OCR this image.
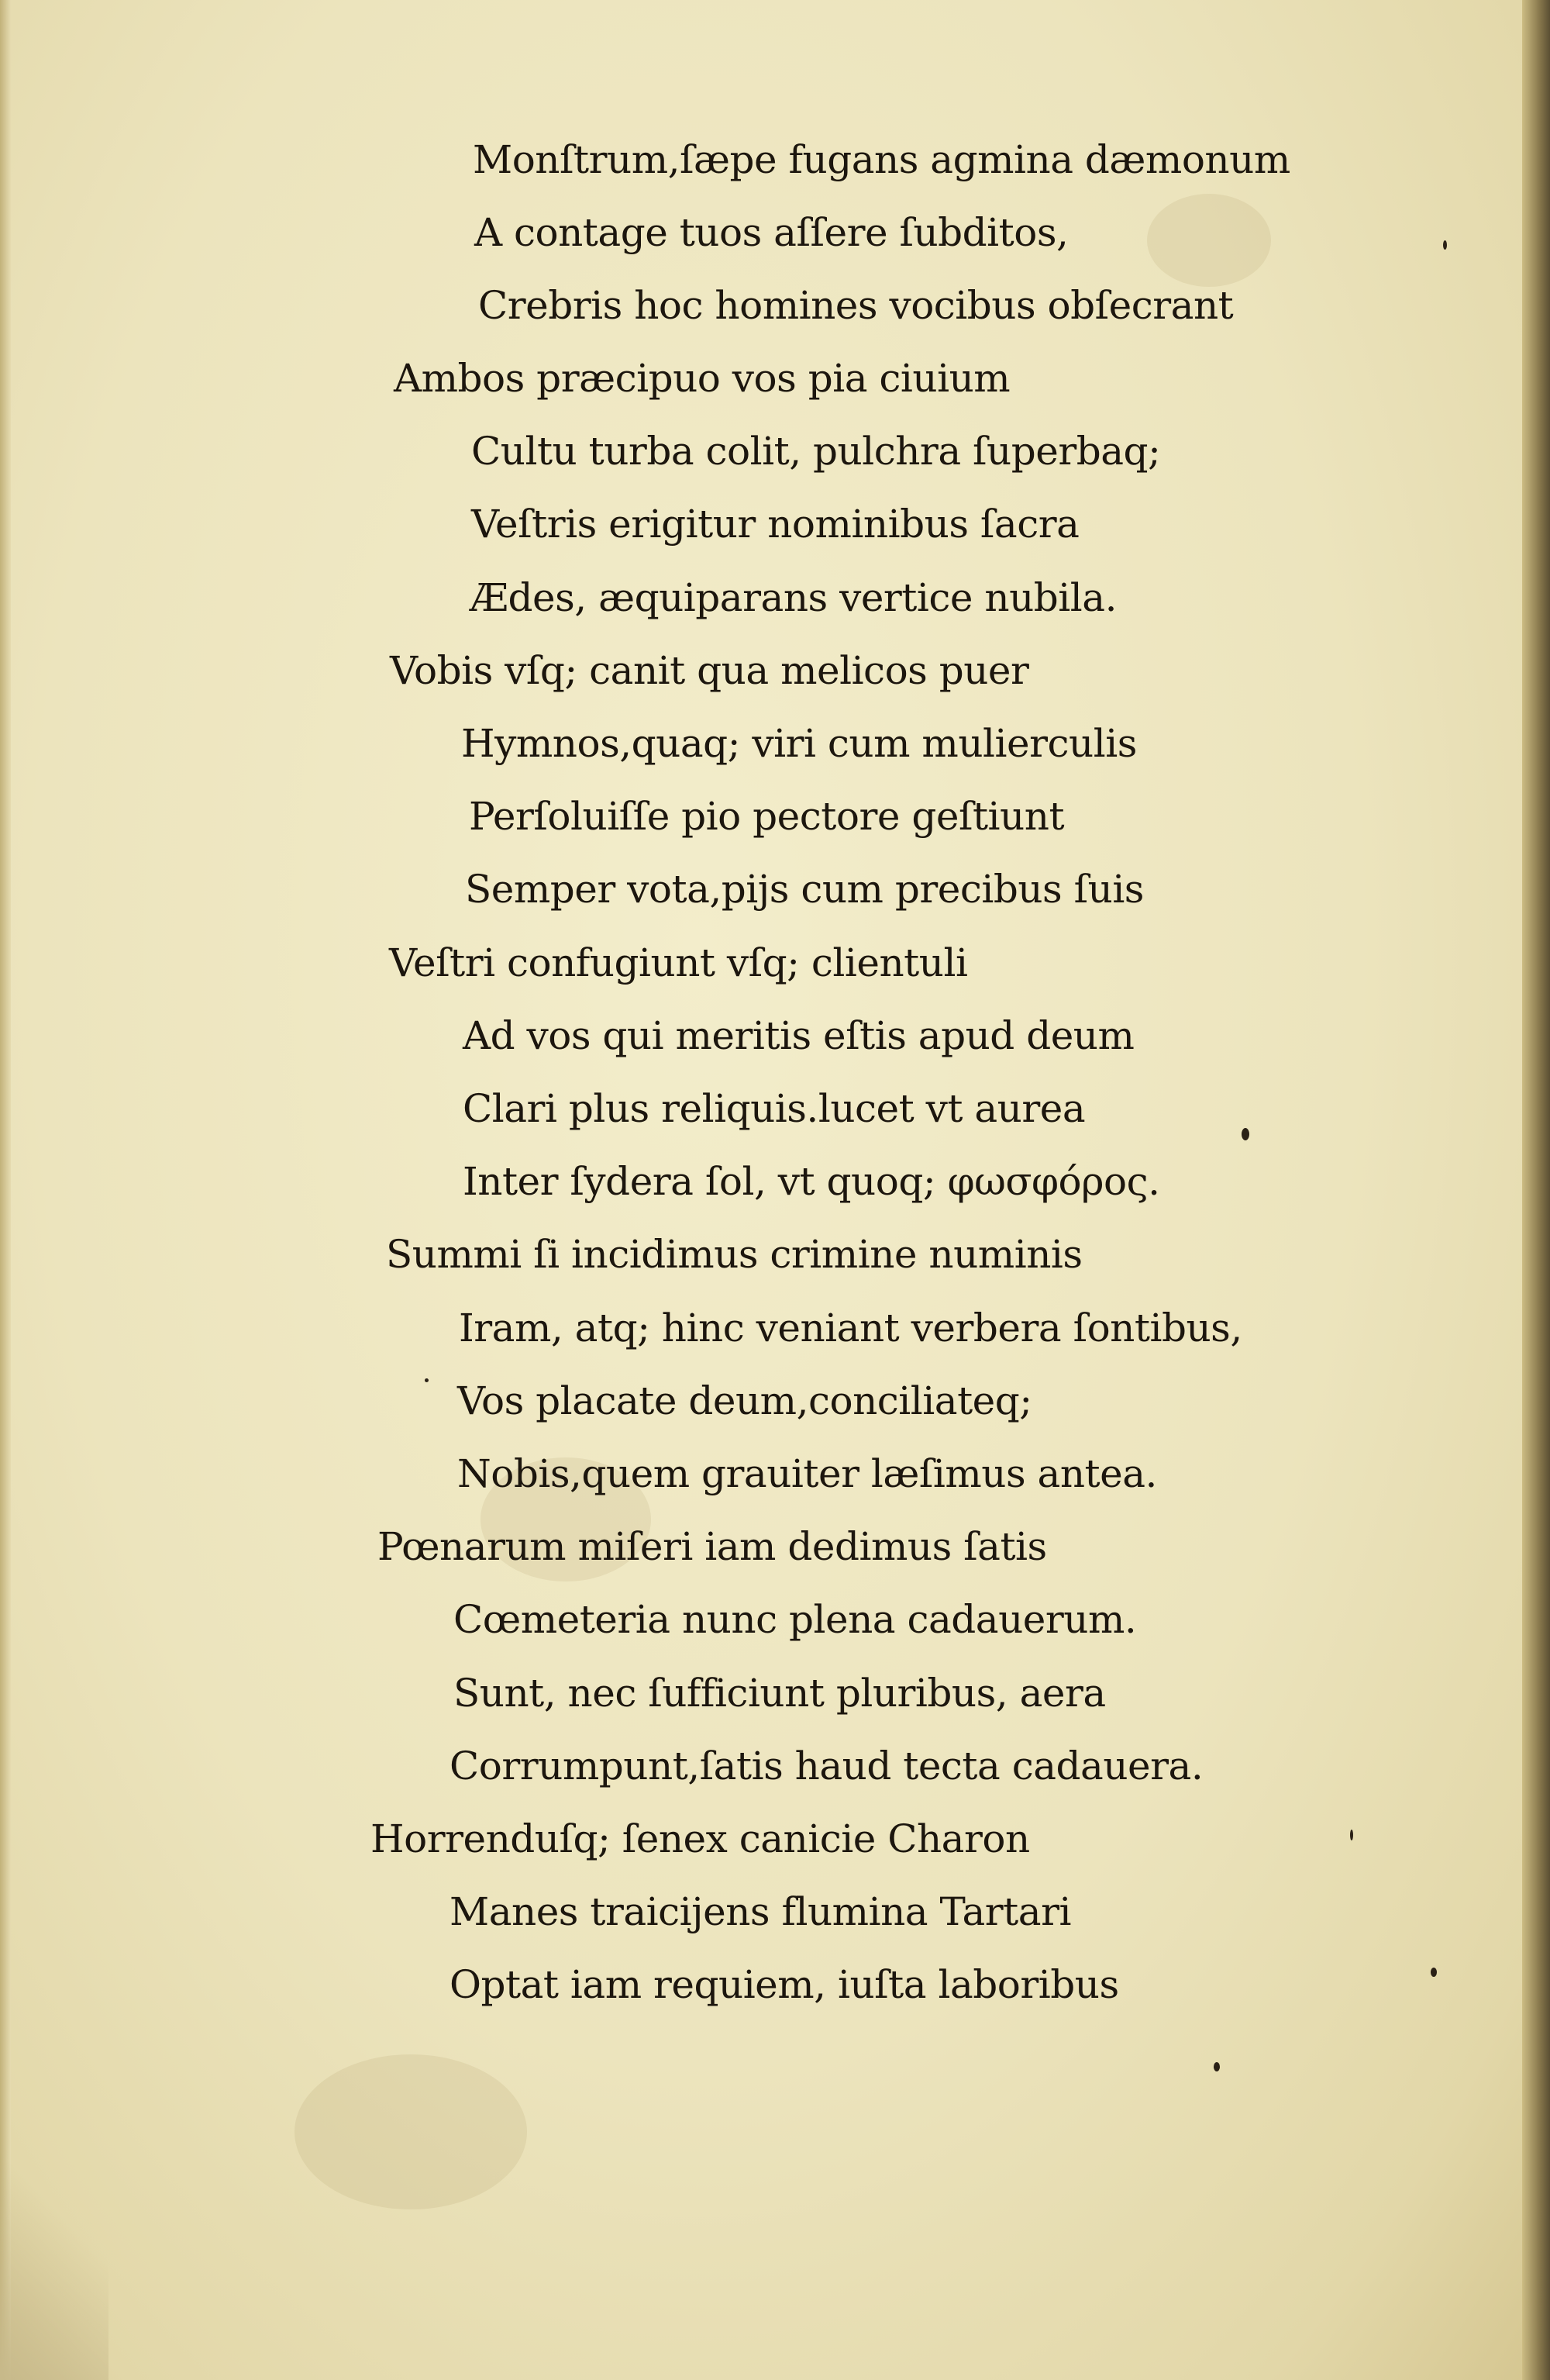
Monſtrum,ſæpe fugans agmina dæmonum
A contage tuos aſſere ſubditos,
Crebris hoc homines vocibus obſecrant
Ambos præcipuo vos pia ciuium
Cultu turba colit, pulchra ſuperbaq;
Veſtris erigitur nominibus ſacra
Ædes, æquiparans vertice nubila.
Vobis vſq; canit qua melicos puer
Hymnos,quaq; viri cum mulierculis
Perſoluiſſe pio pectore geſtiunt
Semper vota,pijs cum precibus ſuis
Veſtri confugiunt vſq; clientuli
Ad vos qui meritis eſtis apud deum
Clari plus reliquis.lucet vt aurea
Inter ſydera ſol, vt quoq; φωσφόρος.
Summi ſi incidimus crimine numinis
Iram, atq; hinc veniant verbera ſontibus,
Vos placate deum,conciliateq;
Nobis,quem grauiter læſimus antea.
Pœnarum miſeri iam dedimus ſatis
Cœmeteria nunc plena cadauerum.
Sunt, nec ſufficiunt pluribus, aera
Corrumpunt,ſatis haud tecta cadauera.
Horrenduſq; ſenex canicie Charon
Manes traicijens flumina Tartari
Optat iam requiem, iuſta laboribus
